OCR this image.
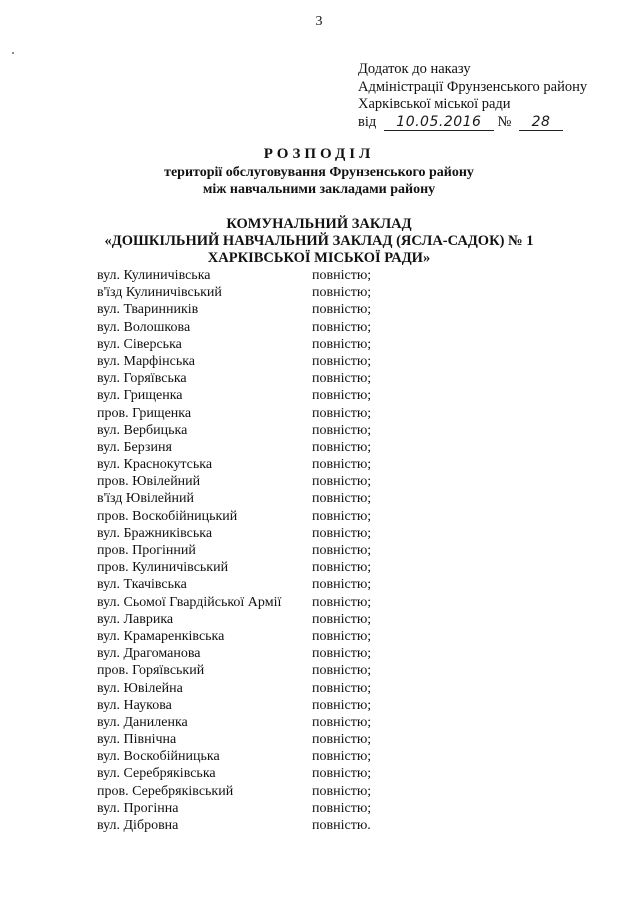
3
Додаток до наказу
Адміністрації Фрунзенського району
Харківської міської ради
від 10.05.2016 № 28
РОЗПОДІЛ
території обслуговування Фрунзенського району
між навчальними закладами району
КОМУНАЛЬНИЙ ЗАКЛАД
«ДОШКІЛЬНИЙ НАВЧАЛЬНИЙ ЗАКЛАД (ЯСЛА-САДОК) № 1
ХАРКІВСЬКОЇ МІСЬКОЇ РАДИ»
вул. Кулиничівська	повністю;
в'їзд Кулиничівський	повністю;
вул. Тваринників	повністю;
вул. Волошкова	повністю;
вул. Сіверська	повністю;
вул. Марфінська	повністю;
вул. Горяївська	повністю;
вул. Грищенка	повністю;
пров. Грищенка	повністю;
вул. Вербицька	повністю;
вул. Берзиня	повністю;
вул. Краснокутська	повністю;
пров. Ювілейний	повністю;
в'їзд Ювілейний	повністю;
пров. Воскобійницький	повністю;
вул. Бражниківська	повністю;
пров. Прогінний	повністю;
пров. Кулиничівський	повністю;
вул. Ткачівська	повністю;
вул. Сьомої Гвардійської Армії повністю;
вул. Лаврика	повністю;
вул. Крамаренківська	повністю;
вул. Драгоманова	повністю;
пров. Горяївський	повністю;
вул. Ювілейна	повністю;
вул. Наукова	повністю;
вул. Даниленка	повністю;
вул. Північна	повністю;
вул. Воскобійницька	повністю;
вул. Серебряківська	повністю;
пров. Серебряківський	повністю;
вул. Прогінна	повністю;
вул. Дібровна	повністю.
